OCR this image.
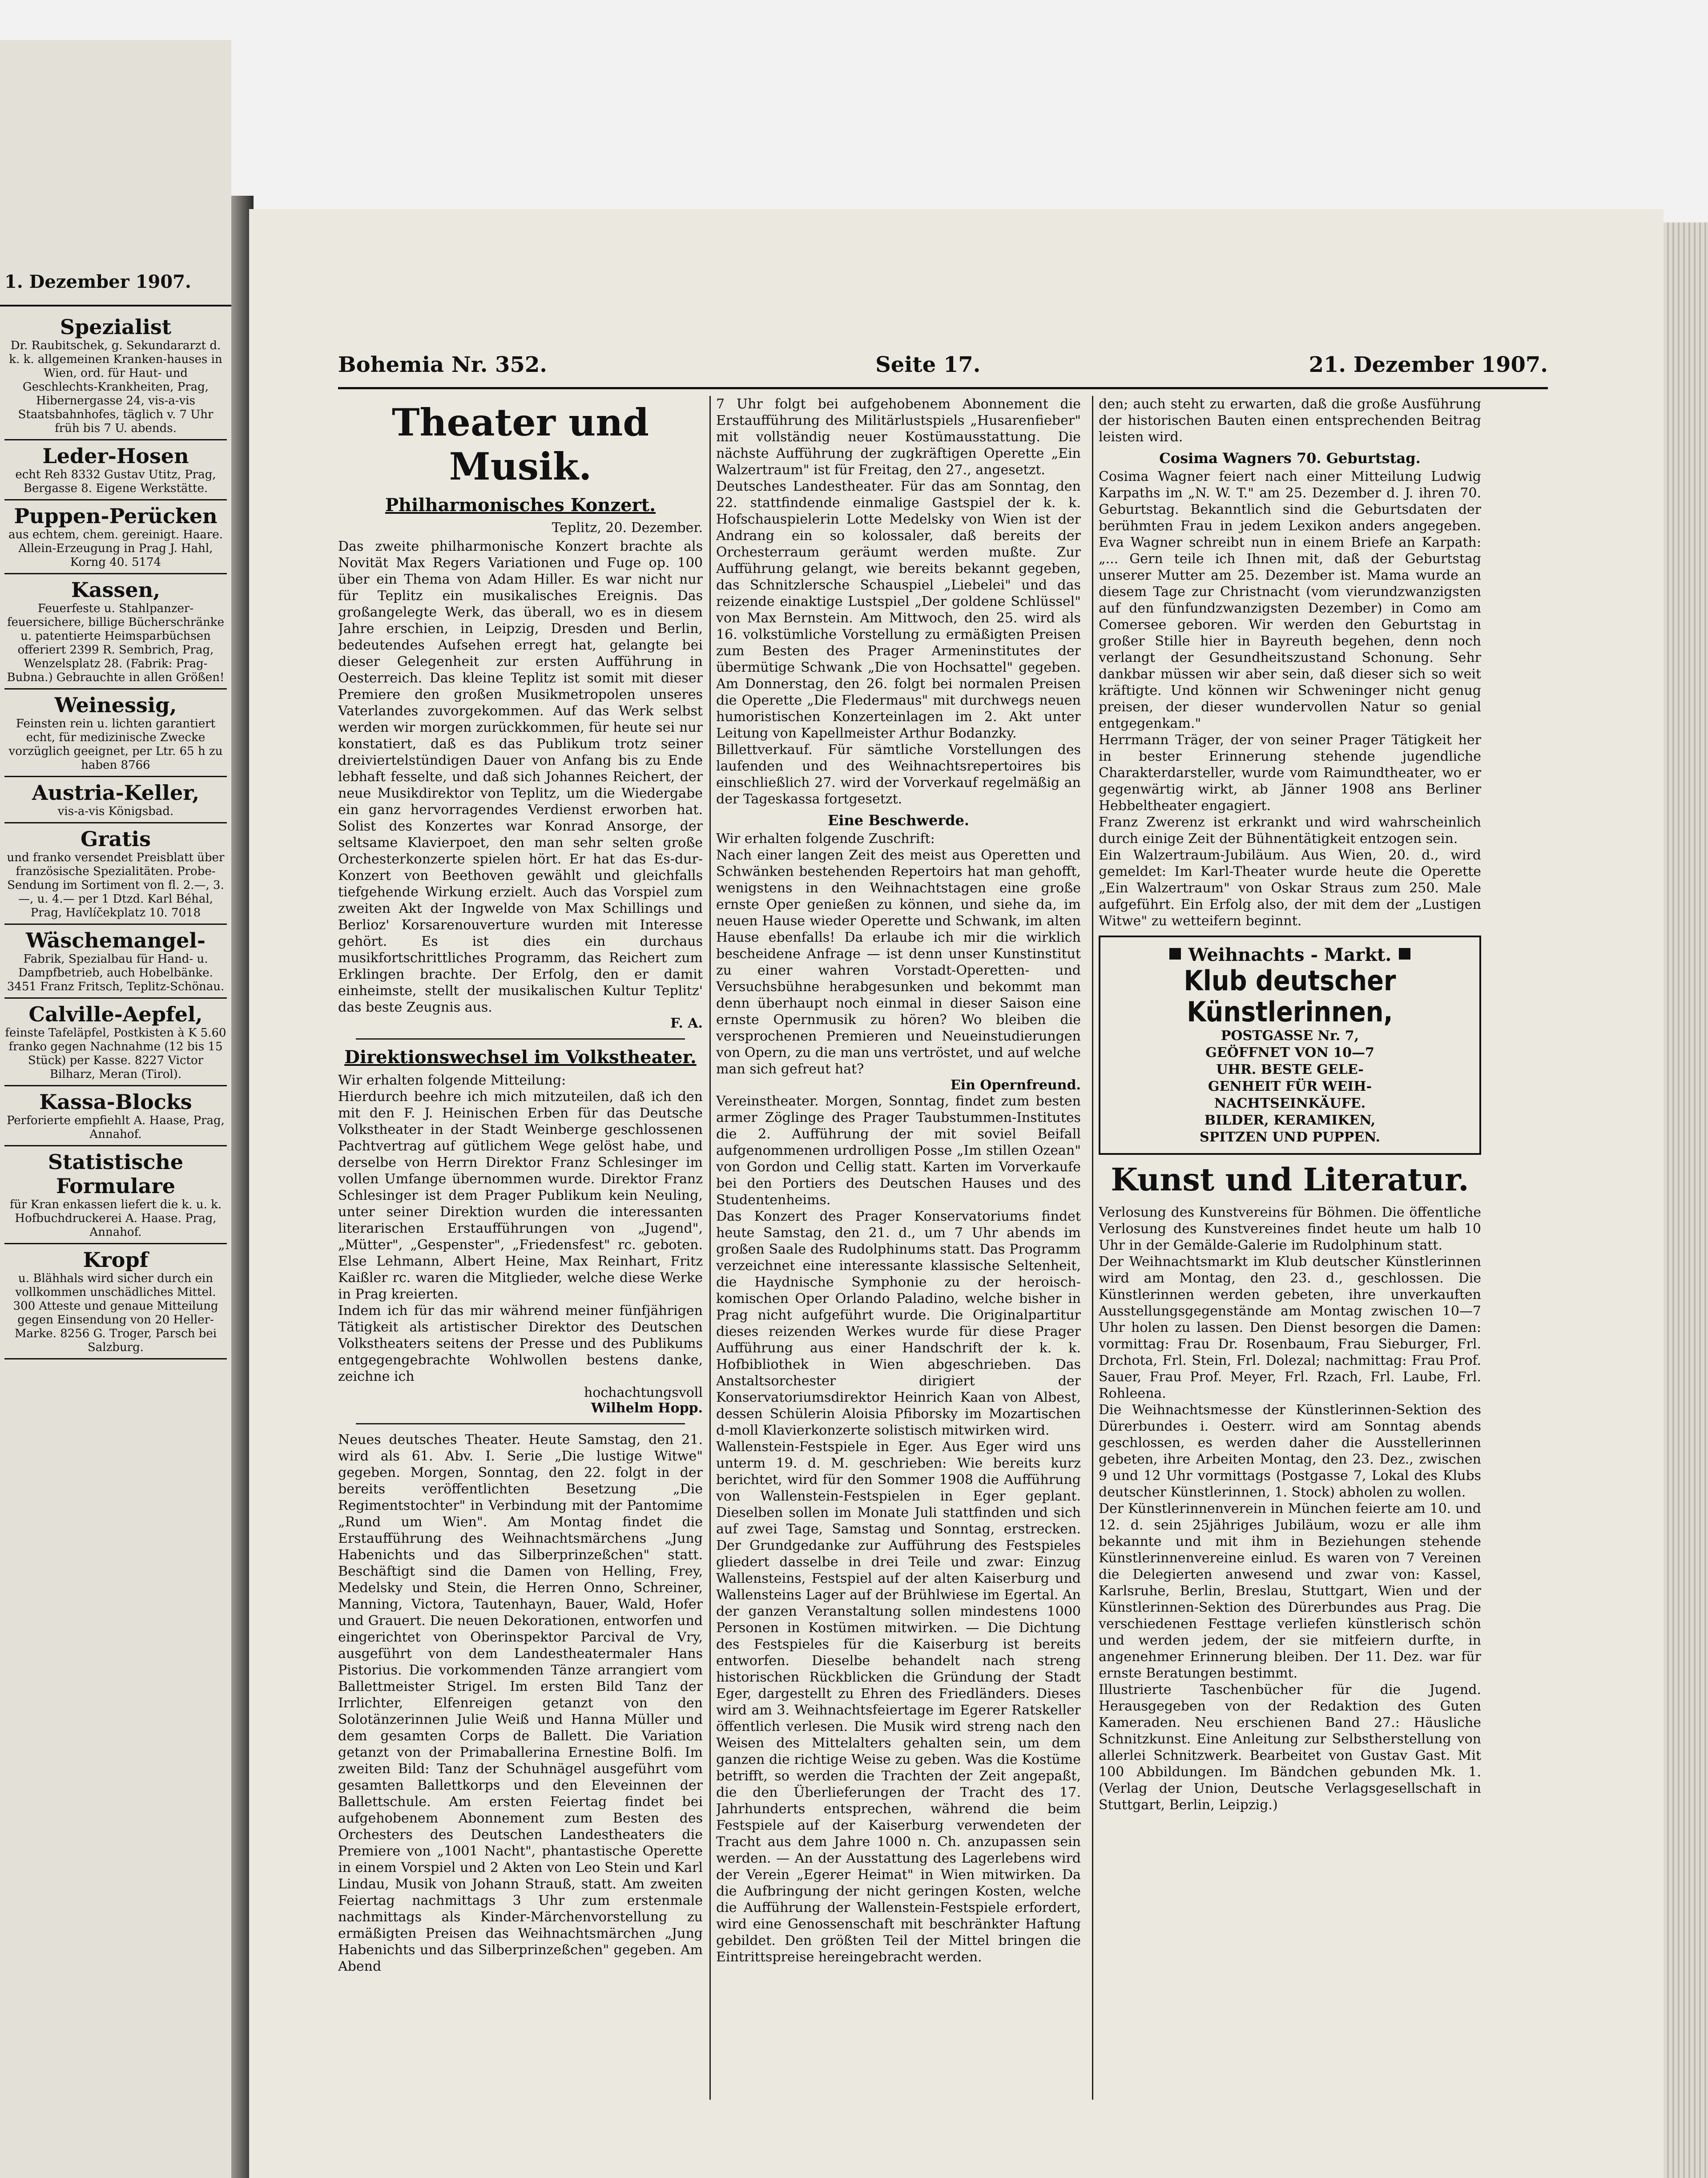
1. Dezember 1907.
Spezialist
Dr. Raubitschek, g. Sekundararzt d. k. k. allgemeinen Kranken-hauses in Wien, ord. für Haut- und Geschlechts-Krankheiten, Prag, Hibernergasse 24, vis-a-vis Staatsbahnhofes, täglich v. 7 Uhr früh bis 7 U. abends.
Leder-Hosen
echt Reh 8332 Gustav Utitz, Prag, Bergasse 8. Eigene Werkstätte.
Puppen-Perücken
aus echtem, chem. gereinigt. Haare. Allein-Erzeugung in Prag J. Hahl, Korng 40. 5174
Kassen,
Feuerfeste u. Stahlpanzer-feuersichere, billige Bücherschränke u. patentierte Heimsparbüchsen offeriert 2399 R. Sembrich, Prag, Wenzelsplatz 28. (Fabrik: Prag-Bubna.) Gebrauchte in allen Größen!
Weinessig,
Feinsten rein u. lichten garantiert echt, für medizinische Zwecke vorzüglich geeignet, per Ltr. 65 h zu haben 8766
Austria-Keller,
vis-a-vis Königsbad.
Gratis
und franko versendet Preisblatt über französische Spezialitäten. Probe-Sendung im Sortiment von fl. 2.—, 3.—, u. 4.— per 1 Dtzd. Karl Béhal, Prag, Havlíčekplatz 10. 7018
Wäschemangel-
Fabrik, Spezialbau für Hand- u. Dampfbetrieb, auch Hobelbänke. 3451 Franz Fritsch, Teplitz-Schönau.
Calville-Aepfel,
feinste Tafeläpfel, Postkisten à K 5.60 franko gegen Nachnahme (12 bis 15 Stück) per Kasse. 8227 Victor Bilharz, Meran (Tirol).
Kassa-Blocks
Perforierte empfiehlt A. Haase, Prag, Annahof.
Statistische Formulare
für Kran enkassen liefert die k. u. k. Hofbuchdruckerei A. Haase. Prag, Annahof.
Kropf
u. Blähhals wird sicher durch ein vollkommen unschädliches Mittel. 300 Atteste und genaue Mitteilung gegen Einsendung von 20 Heller-Marke. 8256 G. Troger, Parsch bei Salzburg.
Bohemia Nr. 352.	Seite 17.	21. Dezember 1907.
Theater und Musik.
Philharmonisches Konzert.
Teplitz, 20. Dezember.

Das zweite philharmonische Konzert brachte als Novität Max Regers Variationen und Fuge op. 100 über ein Thema von Adam Hiller. Es war nicht nur für Teplitz ein musikalisches Ereignis. Das großangelegte Werk, das überall, wo es in diesem Jahre erschien, in Leipzig, Dresden und Berlin, bedeutendes Aufsehen erregt hat, gelangte bei dieser Gelegenheit zur ersten Aufführung in Oesterreich. Das kleine Teplitz ist somit mit dieser Premiere den großen Musikmetropolen unseres Vaterlandes zuvorgekommen. Auf das Werk selbst werden wir morgen zurückkommen, für heute sei nur konstatiert, daß es das Publikum trotz seiner dreiviertelstündigen Dauer von Anfang bis zu Ende lebhaft fesselte, und daß sich Johannes Reichert, der neue Musikdirektor von Teplitz, um die Wiedergabe ein ganz hervorragendes Verdienst erworben hat. Solist des Konzertes war Konrad Ansorge, der seltsame Klavierpoet, den man sehr selten große Orchesterkonzerte spielen hört. Er hat das Es-dur-Konzert von Beethoven gewählt und gleichfalls tiefgehende Wirkung erzielt. Auch das Vorspiel zum zweiten Akt der Ingwelde von Max Schillings und Berlioz' Korsarenouverture wurden mit Interesse gehört. Es ist dies ein durchaus musikfortschrittliches Programm, das Reichert zum Erklingen brachte. Der Erfolg, den er damit einheimste, stellt der musikalischen Kultur Teplitz' das beste Zeugnis aus.

F. A.
Direktionswechsel im Volkstheater.

Wir erhalten folgende Mitteilung:

Hierdurch beehre ich mich mitzuteilen, daß ich den mit den F. J. Heinischen Erben für das Deutsche Volkstheater in der Stadt Weinberge geschlossenen Pachtvertrag auf gütlichem Wege gelöst habe, und derselbe von Herrn Direktor Franz Schlesinger im vollen Umfange übernommen wurde. Direktor Franz Schlesinger ist dem Prager Publikum kein Neuling, unter seiner Direktion wurden die interessanten literarischen Erstaufführungen von „Jugend", „Mütter", „Gespenster", „Friedensfest" rc. geboten. Else Lehmann, Albert Heine, Max Reinhart, Fritz Kaißler rc. waren die Mitglieder, welche diese Werke in Prag kreierten.

Indem ich für das mir während meiner fünfjährigen Tätigkeit als artistischer Direktor des Deutschen Volkstheaters seitens der Presse und des Publikums entgegengebrachte Wohlwollen bestens danke, zeichne ich

hochachtungsvoll
Wilhelm Hopp.

Neues deutsches Theater. Heute Samstag, den 21. wird als 61. Abv. I. Serie „Die lustige Witwe" gegeben. Morgen, Sonntag, den 22. folgt in der bereits veröffentlichten Besetzung „Die Regimentstochter" in Verbindung mit der Pantomime „Rund um Wien". Am Montag findet die Erstaufführung des Weihnachtsmärchens „Jung Habenichts und das Silberprinzeßchen" statt. Beschäftigt sind die Damen von Helling, Frey, Medelsky und Stein, die Herren Onno, Schreiner, Manning, Victora, Tautenhayn, Bauer, Wald, Hofer und Grauert. Die neuen Dekorationen, entworfen und eingerichtet von Oberinspektor Parcival de Vry, ausgeführt von dem Landestheatermaler Hans Pistorius. Die vorkommenden Tänze arrangiert vom Ballettmeister Strigel. Im ersten Bild Tanz der Irrlichter, Elfenreigen getanzt von den Solotänzerinnen Julie Weiß und Hanna Müller und dem gesamten Corps de Ballett. Die Variation getanzt von der Primaballerina Ernestine Bolfi. Im zweiten Bild: Tanz der Schuhnägel ausgeführt vom gesamten Ballettkorps und den Eleveinnen der Ballettschule. Am ersten Feiertag findet bei aufgehobenem Abonnement zum Besten des Orchesters des Deutschen Landestheaters die Premiere von „1001 Nacht", phantastische Operette in einem Vorspiel und 2 Akten von Leo Stein und Karl Lindau, Musik von Johann Strauß, statt. Am zweiten Feiertag nachmittags 3 Uhr zum erstenmale nachmittags als Kinder-Märchenvorstellung zu ermäßigten Preisen das Weihnachtsmärchen „Jung Habenichts und das Silberprinzeßchen" gegeben. Am Abend

7 Uhr folgt bei aufgehobenem Abonnement die Erstaufführung des Militärlustspiels „Husarenfieber" mit vollständig neuer Kostümausstattung. Die nächste Aufführung der zugkräftigen Operette „Ein Walzertraum" ist für Freitag, den 27., angesetzt.

Deutsches Landestheater. Für das am Sonntag, den 22. stattfindende einmalige Gastspiel der k. k. Hofschauspielerin Lotte Medelsky von Wien ist der Andrang ein so kolossaler, daß bereits der Orchesterraum geräumt werden mußte. Zur Aufführung gelangt, wie bereits bekannt gegeben, das Schnitzlersche Schauspiel „Liebelei" und das reizende einaktige Lustspiel „Der goldene Schlüssel" von Max Bernstein. Am Mittwoch, den 25. wird als 16. volkstümliche Vorstellung zu ermäßigten Preisen zum Besten des Prager Armeninstitutes der übermütige Schwank „Die von Hochsattel" gegeben. Am Donnerstag, den 26. folgt bei normalen Preisen die Operette „Die Fledermaus" mit durchwegs neuen humoristischen Konzerteinlagen im 2. Akt unter Leitung von Kapellmeister Arthur Bodanzky.

Billettverkauf. Für sämtliche Vorstellungen des laufenden und des Weihnachtsrepertoires bis einschließlich 27. wird der Vorverkauf regelmäßig an der Tageskassa fortgesetzt.

Eine Beschwerde.

Wir erhalten folgende Zuschrift:

Nach einer langen Zeit des meist aus Operetten und Schwänken bestehenden Repertoirs hat man gehofft, wenigstens in den Weihnachtstagen eine große ernste Oper genießen zu können, und siehe da, im neuen Hause wieder Operette und Schwank, im alten Hause ebenfalls! Da erlaube ich mir die wirklich bescheidene Anfrage — ist denn unser Kunstinstitut zu einer wahren Vorstadt-Operetten- und Versuchsbühne herabgesunken und bekommt man denn überhaupt noch einmal in dieser Saison eine ernste Opernmusik zu hören? Wo bleiben die versprochenen Premieren und Neueinstudierungen von Opern, zu die man uns vertröstet, und auf welche man sich gefreut hat?

Ein Opernfreund.

Vereinstheater. Morgen, Sonntag, findet zum besten armer Zöglinge des Prager Taubstummen-Institutes die 2. Aufführung der mit soviel Beifall aufgenommenen urdrolligen Posse „Im stillen Ozean" von Gordon und Cellig statt. Karten im Vorverkaufe bei den Portiers des Deutschen Hauses und des Studentenheims.

Das Konzert des Prager Konservatoriums findet heute Samstag, den 21. d., um 7 Uhr abends im großen Saale des Rudolphinums statt. Das Programm verzeichnet eine interessante klassische Seltenheit, die Haydnische Symphonie zu der heroisch-komischen Oper Orlando Paladino, welche bisher in Prag nicht aufgeführt wurde. Die Originalpartitur dieses reizenden Werkes wurde für diese Prager Aufführung aus einer Handschrift der k. k. Hofbibliothek in Wien abgeschrieben. Das Anstaltsorchester dirigiert der Konservatoriumsdirektor Heinrich Kaan von Albest, dessen Schülerin Aloisia Pfiborsky im Mozartischen d-moll Klavierkonzerte solistisch mitwirken wird.

Wallenstein-Festspiele in Eger. Aus Eger wird uns unterm 19. d. M. geschrieben: Wie bereits kurz berichtet, wird für den Sommer 1908 die Aufführung von Wallenstein-Festspielen in Eger geplant. Dieselben sollen im Monate Juli stattfinden und sich auf zwei Tage, Samstag und Sonntag, erstrecken. Der Grundgedanke zur Aufführung des Festspieles gliedert dasselbe in drei Teile und zwar: Einzug Wallensteins, Festspiel auf der alten Kaiserburg und Wallensteins Lager auf der Brühlwiese im Egertal. An der ganzen Veranstaltung sollen mindestens 1000 Personen in Kostümen mitwirken. — Die Dichtung des Festspieles für die Kaiserburg ist bereits entworfen. Dieselbe behandelt nach streng historischen Rückblicken die Gründung der Stadt Eger, dargestellt zu Ehren des Friedländers. Dieses wird am 3. Weihnachtsfeiertage im Egerer Ratskeller öffentlich verlesen. Die Musik wird streng nach den Weisen des Mittelalters gehalten sein, um dem ganzen die richtige Weise zu geben. Was die Kostüme betrifft, so werden die Trachten der Zeit angepaßt, die den Überlieferungen der Tracht des 17. Jahrhunderts entsprechen, während die beim Festspiele auf der Kaiserburg verwendeten der Tracht aus dem Jahre 1000 n. Ch. anzupassen sein werden. — An der Ausstattung des Lagerlebens wird der Verein „Egerer Heimat" in Wien mitwirken. Da die Aufbringung der nicht geringen Kosten, welche die Aufführung der Wallenstein-Festspiele erfordert, wird eine Genossenschaft mit beschränkter Haftung gebildet. Den größten Teil der Mittel bringen die Eintrittspreise hereingebracht werden.

den; auch steht zu erwarten, daß die große Ausführung der historischen Bauten einen entsprechenden Beitrag leisten wird.

Cosima Wagners 70. Geburtstag.

Cosima Wagner feiert nach einer Mitteilung Ludwig Karpaths im „N. W. T." am 25. Dezember d. J. ihren 70. Geburtstag. Bekanntlich sind die Geburtsdaten der berühmten Frau in jedem Lexikon anders angegeben. Eva Wagner schreibt nun in einem Briefe an Karpath: „... Gern teile ich Ihnen mit, daß der Geburtstag unserer Mutter am 25. Dezember ist. Mama wurde an diesem Tage zur Christnacht (vom vierundzwanzigsten auf den fünfundzwanzigsten Dezember) in Como am Comersee geboren. Wir werden den Geburtstag in großer Stille hier in Bayreuth begehen, denn noch verlangt der Gesundheitszustand Schonung. Sehr dankbar müssen wir aber sein, daß dieser sich so weit kräftigte. Und können wir Schweninger nicht genug preisen, der dieser wundervollen Natur so genial entgegenkam."

Herrmann Träger, der von seiner Prager Tätigkeit her in bester Erinnerung stehende jugendliche Charakterdarsteller, wurde vom Raimundtheater, wo er gegenwärtig wirkt, ab Jänner 1908 ans Berliner Hebbeltheater engagiert.

Franz Zwerenz ist erkrankt und wird wahrscheinlich durch einige Zeit der Bühnentätigkeit entzogen sein.

Ein Walzertraum-Jubiläum. Aus Wien, 20. d., wird gemeldet: Im Karl-Theater wurde heute die Operette „Ein Walzertraum" von Oskar Straus zum 250. Male aufgeführt. Ein Erfolg also, der mit dem der „Lustigen Witwe" zu wetteifern beginnt.

Weihnachts - Markt.
Klub deutscher Künstlerinnen,
POSTGASSE Nr. 7,
GEÖFFNET VON 10—7
UHR. BESTE GELE-
GENHEIT FÜR WEIH-
NACHTSEINKÄUFE.
BILDER, KERAMIKEN,
SPITZEN UND PUPPEN.
Kunst und Literatur.

Verlosung des Kunstvereins für Böhmen. Die öffentliche Verlosung des Kunstvereines findet heute um halb 10 Uhr in der Gemälde-Galerie im Rudolphinum statt.

Der Weihnachtsmarkt im Klub deutscher Künstlerinnen wird am Montag, den 23. d., geschlossen. Die Künstlerinnen werden gebeten, ihre unverkauften Ausstellungsgegenstände am Montag zwischen 10—7 Uhr holen zu lassen. Den Dienst besorgen die Damen: vormittag: Frau Dr. Rosenbaum, Frau Sieburger, Frl. Drchota, Frl. Stein, Frl. Dolezal; nachmittag: Frau Prof. Sauer, Frau Prof. Meyer, Frl. Rzach, Frl. Laube, Frl. Rohleena.

Die Weihnachtsmesse der Künstlerinnen-Sektion des Dürerbundes i. Oesterr. wird am Sonntag abends geschlossen, es werden daher die Ausstellerinnen gebeten, ihre Arbeiten Montag, den 23. Dez., zwischen 9 und 12 Uhr vormittags (Postgasse 7, Lokal des Klubs deutscher Künstlerinnen, 1. Stock) abholen zu wollen.

Der Künstlerinnenverein in München feierte am 10. und 12. d. sein 25jähriges Jubiläum, wozu er alle ihm bekannte und mit ihm in Beziehungen stehende Künstlerinnenvereine einlud. Es waren von 7 Vereinen die Delegierten anwesend und zwar von: Kassel, Karlsruhe, Berlin, Breslau, Stuttgart, Wien und der Künstlerinnen-Sektion des Dürerbundes aus Prag. Die verschiedenen Festtage verliefen künstlerisch schön und werden jedem, der sie mitfeiern durfte, in angenehmer Erinnerung bleiben. Der 11. Dez. war für ernste Beratungen bestimmt.

Illustrierte Taschenbücher für die Jugend. Herausgegeben von der Redaktion des Guten Kameraden. Neu erschienen Band 27.: Häusliche Schnitzkunst. Eine Anleitung zur Selbstherstellung von allerlei Schnitzwerk. Bearbeitet von Gustav Gast. Mit 100 Abbildungen. Im Bändchen gebunden Mk. 1. (Verlag der Union, Deutsche Verlagsgesellschaft in Stuttgart, Berlin, Leipzig.)
